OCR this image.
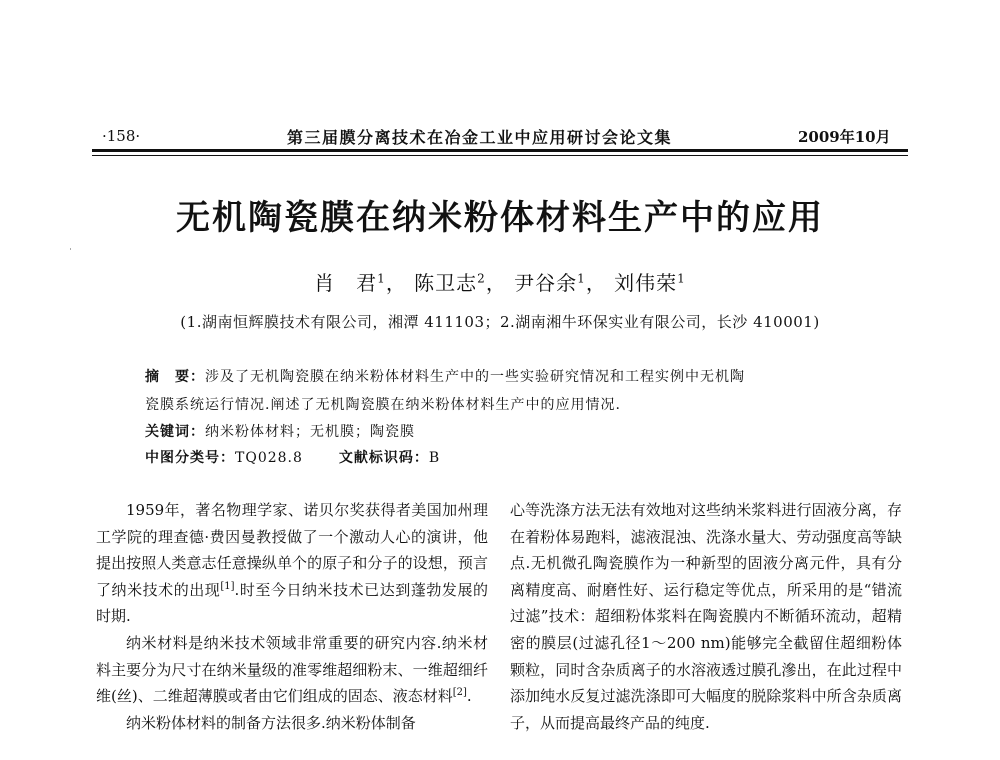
·158·	第三届膜分离技术在冶金工业中应用研讨会论文集	2009年10月
无机陶瓷膜在纳米粉体材料生产中的应用
肖　君$^1$， 陈卫志$^2$， 尹谷余$^1$， 刘伟荣$^1$
(1.湖南恒辉膜技术有限公司，湘潭 411103；2.湖南湘牛环保实业有限公司，长沙 410001)
摘　要：涉及了无机陶瓷膜在纳米粉体材料生产中的一些实验研究情况和工程实例中无机陶
瓷膜系统运行情况.阐述了无机陶瓷膜在纳米粉体材料生产中的应用情况.
关键词：纳米粉体材料；无机膜；陶瓷膜
中图分类号：TQ028.8	文献标识码：B

1959年，著名物理学家、诺贝尔奖获得者美国加州理工学院的理查德·费因曼教授做了一个激动人心的演讲，他提出按照人类意志任意操纵单个的原子和分子的设想，预言了纳米技术的出现[1].时至今日纳米技术已达到蓬勃发展的时期.

纳米材料是纳米技术领域非常重要的研究内容.纳米材料主要分为尺寸在纳米量级的准零维超细粉末、一维超细纤维(丝)、二维超薄膜或者由它们组成的固态、液态材料[2].

纳米粉体材料的制备方法很多.纳米粉体制备

心等洗涤方法无法有效地对这些纳米浆料进行固液分离，存在着粉体易跑料，滤液混浊、洗涤水量大、劳动强度高等缺点.无机微孔陶瓷膜作为一种新型的固液分离元件，具有分离精度高、耐磨性好、运行稳定等优点，所采用的是“错流过滤”技术：超细粉体浆料在陶瓷膜内不断循环流动，超精密的膜层(过滤孔径1～200 nm)能够完全截留住超细粉体颗粒，同时含杂质离子的水溶液透过膜孔滲出，在此过程中添加纯水反复过滤洗涤即可大幅度的脱除浆料中所含杂质离子，从而提高最终产品的纯度.
